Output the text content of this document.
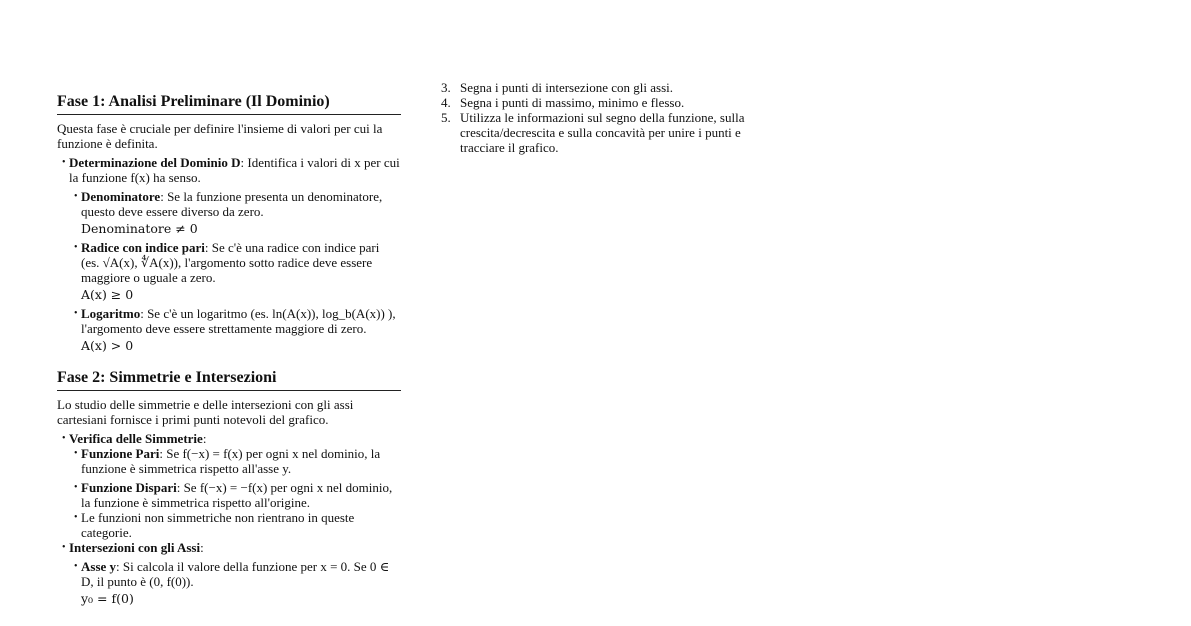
Fase 1: Analisi Preliminare (Il Dominio)

Questa fase è cruciale per definire l'insieme di valori per cui la funzione è definita.

• Determinazione del Dominio D: Identifica i valori di x per cui la funzione f(x) ha senso.
• Denominatore: Se la funzione presenta un denominatore, questo deve essere diverso da zero.
Denominatore ≠ 0
• Radice con indice pari: Se c'è una radice con indice pari (es. √A(x), ∜A(x)), l'argomento sotto radice deve essere maggiore o uguale a zero.
A(x) ≥ 0
• Logaritmo: Se c'è un logaritmo (es. ln(A(x)), log_b(A(x)) ), l'argomento deve essere strettamente maggiore di zero.
A(x) > 0
Fase 2: Simmetrie e Intersezioni

Lo studio delle simmetrie e delle intersezioni con gli assi cartesiani fornisce i primi punti notevoli del grafico.

• Verifica delle Simmetrie:
• Funzione Pari: Se f(−x) = f(x) per ogni x nel dominio, la funzione è simmetrica rispetto all'asse y.
• Funzione Dispari: Se f(−x) = −f(x) per ogni x nel dominio, la funzione è simmetrica rispetto all'origine.
• Le funzioni non simmetriche non rientrano in queste categorie.
• Intersezioni con gli Assi:
• Asse y: Si calcola il valore della funzione per x = 0. Se 0 ∈ D, il punto è (0, f(0)).
y₀ = f(0)
3. Segna i punti di intersezione con gli assi.
4. Segna i punti di massimo, minimo e flesso.
5. Utilizza le informazioni sul segno della funzione, sulla crescita/decrescita e sulla concavità per unire i punti e tracciare il grafico.
